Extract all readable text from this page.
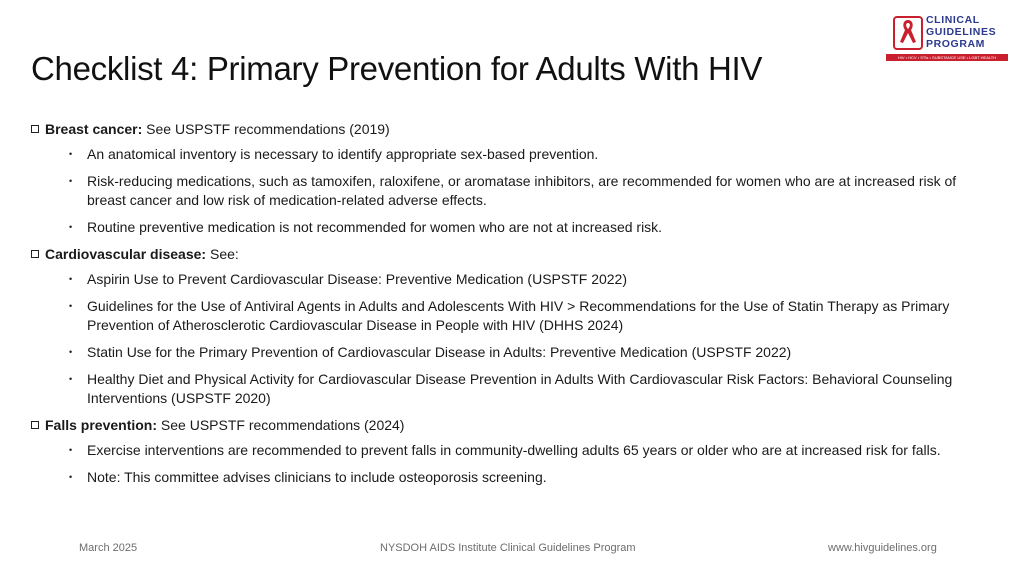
Checklist 4: Primary Prevention for Adults With HIV
CLINICAL
GUIDELINES
PROGRAM
HIV • HCV • STIs • SUBSTANCE USE • LGBT HEALTH
Breast cancer: See USPSTF recommendations (2019)
• An anatomical inventory is necessary to identify appropriate sex-based prevention.
• Risk-reducing medications, such as tamoxifen, raloxifene, or aromatase inhibitors, are recommended for women who are at increased risk of breast cancer and low risk of medication-related adverse effects.
• Routine preventive medication is not recommended for women who are not at increased risk.
Cardiovascular disease: See:
• Aspirin Use to Prevent Cardiovascular Disease: Preventive Medication (USPSTF 2022)
• Guidelines for the Use of Antiviral Agents in Adults and Adolescents With HIV > Recommendations for the Use of Statin Therapy as Primary Prevention of Atherosclerotic Cardiovascular Disease in People with HIV (DHHS 2024)
• Statin Use for the Primary Prevention of Cardiovascular Disease in Adults: Preventive Medication (USPSTF 2022)
• Healthy Diet and Physical Activity for Cardiovascular Disease Prevention in Adults With Cardiovascular Risk Factors: Behavioral Counseling Interventions (USPSTF 2020)
Falls prevention: See USPSTF recommendations (2024)
• Exercise interventions are recommended to prevent falls in community-dwelling adults 65 years or older who are at increased risk for falls.
• Note: This committee advises clinicians to include osteoporosis screening.
March 2025	NYSDOH AIDS Institute Clinical Guidelines Program	www.hivguidelines.org
